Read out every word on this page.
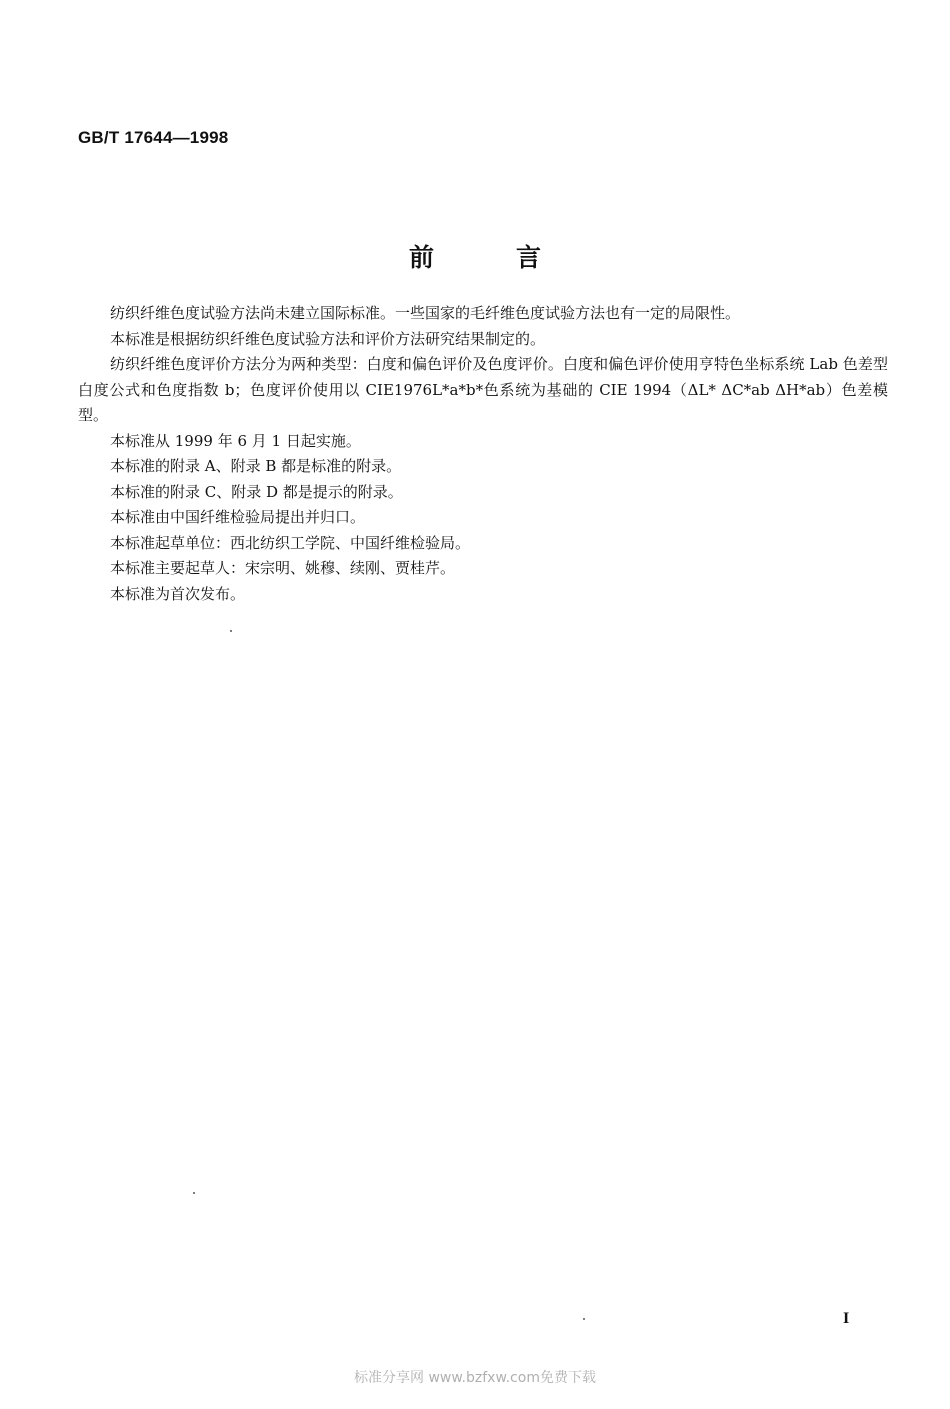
GB/T 17644—1998
前言

纺织纤维色度试验方法尚未建立国际标准。一些国家的毛纤维色度试验方法也有一定的局限性。

本标准是根据纺织纤维色度试验方法和评价方法研究结果制定的。

纺织纤维色度评价方法分为两种类型：白度和偏色评价及色度评价。白度和偏色评价使用亨特色坐标系统 Lab 色差型白度公式和色度指数 b；色度评价使用以 CIE1976L*a*b*色系统为基础的 CIE 1994（ΔL* ΔC*ab ΔH*ab）色差模型。

本标准从 1999 年 6 月 1 日起实施。

本标准的附录 A、附录 B 都是标准的附录。

本标准的附录 C、附录 D 都是提示的附录。

本标准由中国纤维检验局提出并归口。

本标准起草单位：西北纺织工学院、中国纤维检验局。

本标准主要起草人：宋宗明、姚穆、续刚、贾桂芹。

本标准为首次发布。

I
标准分享网 www.bzfxw.com免费下载
